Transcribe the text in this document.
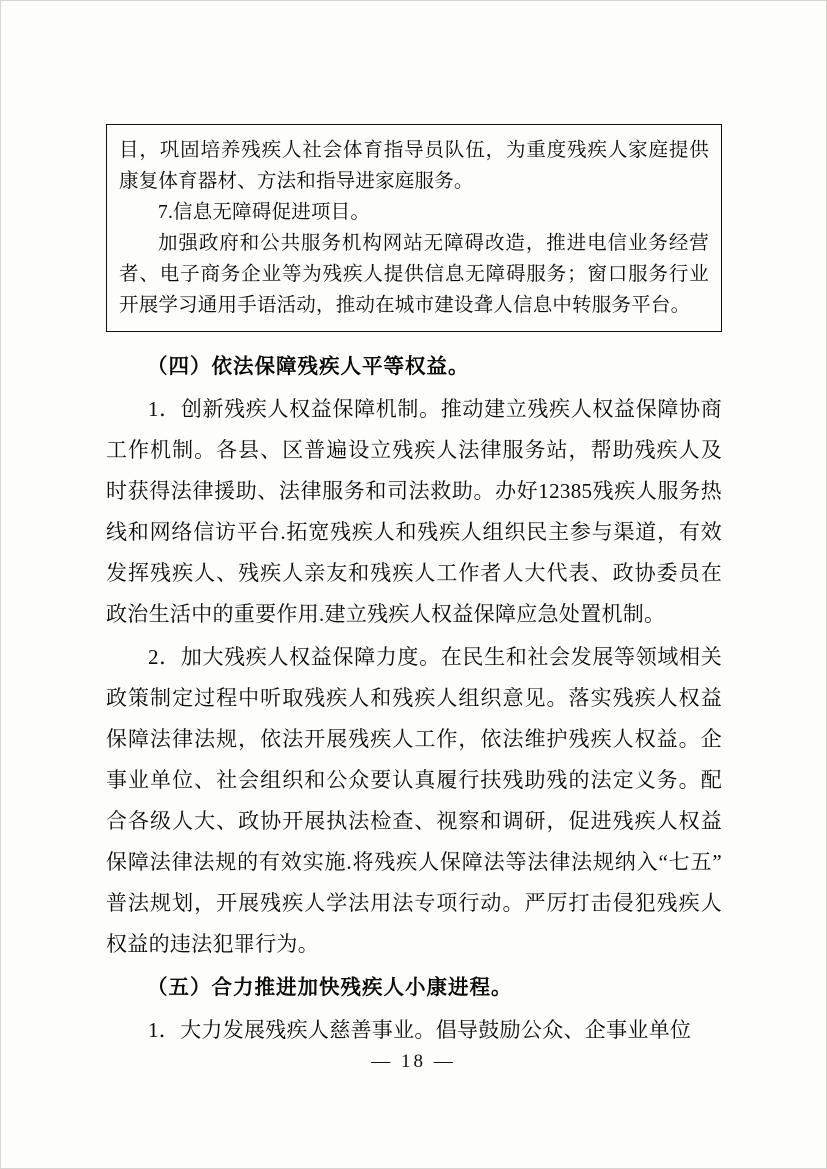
目，巩固培养残疾人社会体育指导员队伍，为重度残疾人家庭提供康复体育器材、方法和指导进家庭服务。

7.信息无障碍促进项目。

加强政府和公共服务机构网站无障碍改造，推进电信业务经营者、电子商务企业等为残疾人提供信息无障碍服务；窗口服务行业开展学习通用手语活动，推动在城市建设聋人信息中转服务平台。

（四）依法保障残疾人平等权益。

1．创新残疾人权益保障机制。推动建立残疾人权益保障协商工作机制。各县、区普遍设立残疾人法律服务站，帮助残疾人及时获得法律援助、法律服务和司法救助。办好12385残疾人服务热线和网络信访平台.拓宽残疾人和残疾人组织民主参与渠道，有效发挥残疾人、残疾人亲友和残疾人工作者人大代表、政协委员在政治生活中的重要作用.建立残疾人权益保障应急处置机制。

2．加大残疾人权益保障力度。在民生和社会发展等领域相关政策制定过程中听取残疾人和残疾人组织意见。落实残疾人权益保障法律法规，依法开展残疾人工作，依法维护残疾人权益。企事业单位、社会组织和公众要认真履行扶残助残的法定义务。配合各级人大、政协开展执法检查、视察和调研，促进残疾人权益保障法律法规的有效实施.将残疾人保障法等法律法规纳入“七五”普法规划，开展残疾人学法用法专项行动。严厉打击侵犯残疾人权益的违法犯罪行为。

（五）合力推进加快残疾人小康进程。

1．大力发展残疾人慈善事业。倡导鼓励公众、企事业单位

— 18 —
